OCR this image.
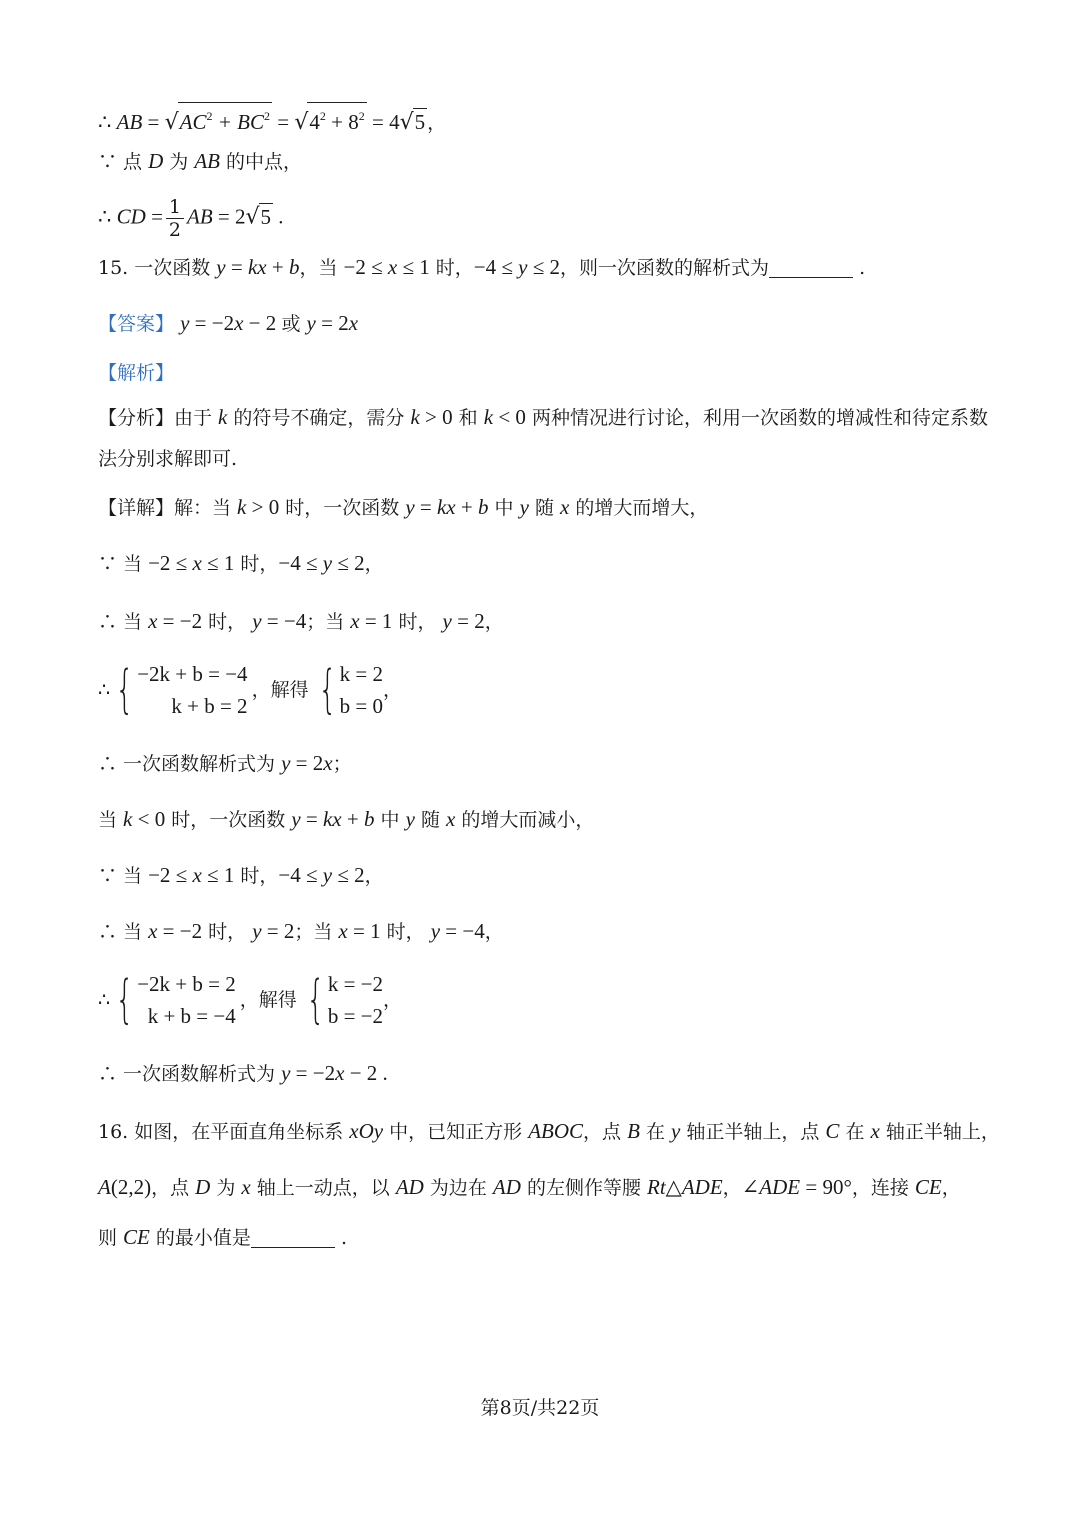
∴ AB = $√AC^2 + BC^2 = √4^2 + 8^2 = 4√5$ ，
∵ 点 D 为 AB 的中点，
∴ CD = $\frac{1}{2}$ AB = 2√5 .
15. 一次函数 y = kx + b，当 −2 ≤ x ≤ 1 时，−4 ≤ y ≤ 2，则一次函数的解析式为	.
【答案】 y = −2x − 2 或 y = 2x
【解析】
【分析】由于 k 的符号不确定，需分 k > 0 和 k < 0 两种情况进行讨论，利用一次函数的增减性和待定系数
法分别求解即可.
【详解】解：当 k > 0 时，一次函数 y = kx + b 中 y 随 x 的增大而增大，
∵ 当 −2 ≤ x ≤ 1 时，−4 ≤ y ≤ 2，
∴ 当 x = −2 时， y = −4；当 x = 1 时， y = 2，
∴ { −2k + b = −4
k + b = 2
，解得 { k = 2
b = 0
，
∴ 一次函数解析式为 y = 2x；
当 k < 0 时，一次函数 y = kx + b 中 y 随 x 的增大而减小，
∵ 当 −2 ≤ x ≤ 1 时，−4 ≤ y ≤ 2，
∴ 当 x = −2 时， y = 2；当 x = 1 时， y = −4，
∴ { −2k + b = 2
k + b = −4
，解得 { k = −2
b = −2
，
∴ 一次函数解析式为 y = −2x − 2 .
16. 如图，在平面直角坐标系 xOy 中，已知正方形 ABOC，点 B 在 y 轴正半轴上，点 C 在 x 轴正半轴上，
A(2,2)，点 D 为 x 轴上一动点，以 AD 为边在 AD 的左侧作等腰 Rt△ADE，∠ADE = 90°，连接 CE，
则 CE 的最小值是	.
第8页/共22页
